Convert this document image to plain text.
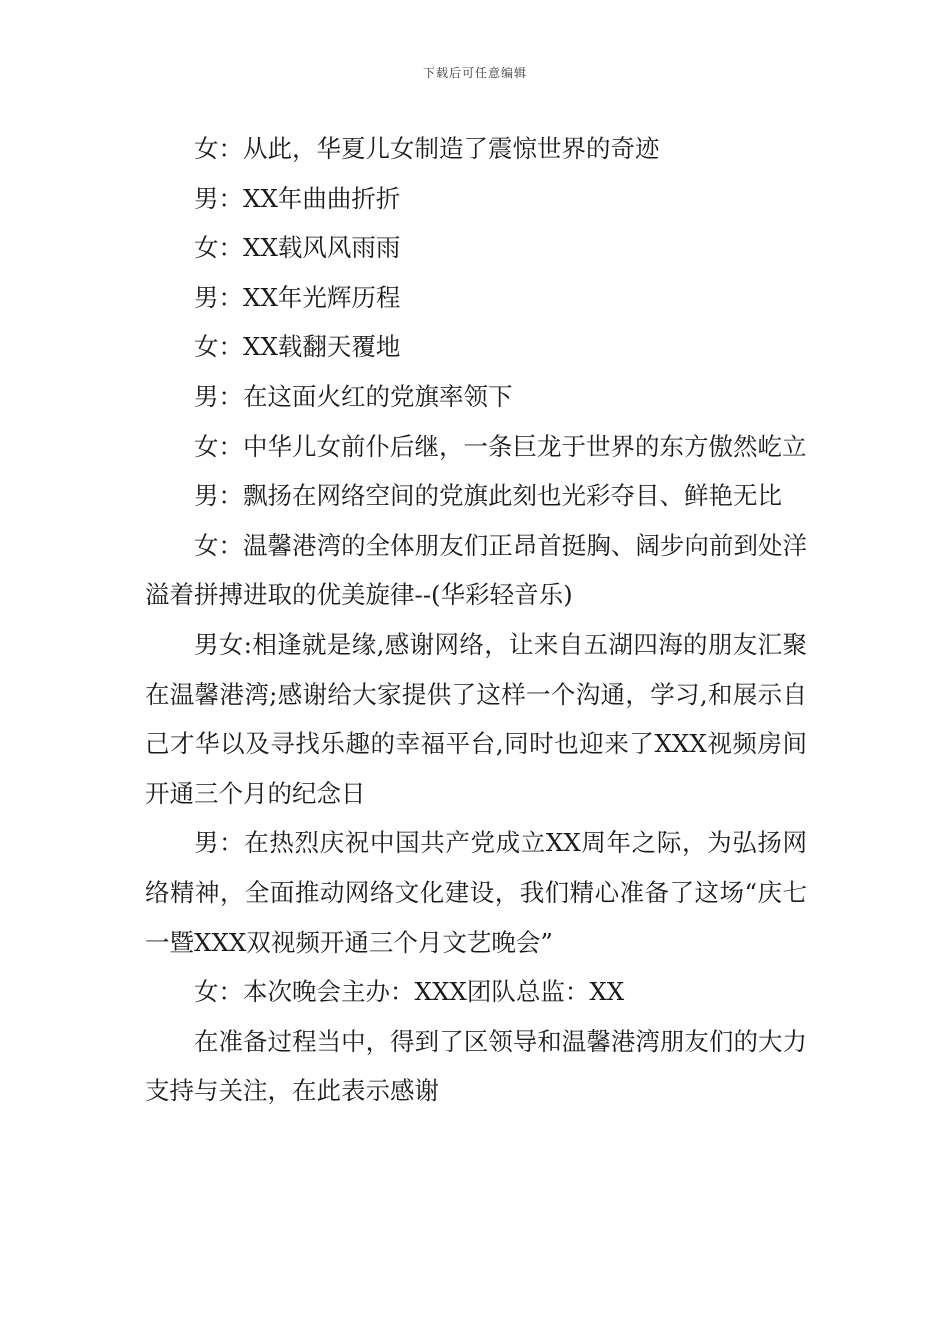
下载后可任意编辑

女：从此，华夏儿女制造了震惊世界的奇迹

男：XX年曲曲折折

女：XX载风风雨雨

男：XX年光辉历程

女：XX载翻天覆地

男：在这面火红的党旗率领下

女：中华儿女前仆后继，一条巨龙于世界的东方傲然屹立

男：飘扬在网络空间的党旗此刻也光彩夺目、鲜艳无比

女：温馨港湾的全体朋友们正昂首挺胸、阔步向前到处洋溢着拼搏进取的优美旋律--(华彩轻音乐)

男女:相逢就是缘,感谢网络，让来自五湖四海的朋友汇聚在温馨港湾;感谢给大家提供了这样一个沟通，学习,和展示自己才华以及寻找乐趣的幸福平台,同时也迎来了XXX视频房间开通三个月的纪念日

男：在热烈庆祝中国共产党成立XX周年之际，为弘扬网络精神，全面推动网络文化建设，我们精心准备了这场“庆七一暨XXX双视频开通三个月文艺晚会”

女：本次晚会主办：XXX团队总监：XX

在准备过程当中，得到了区领导和温馨港湾朋友们的大力支持与关注，在此表示感谢
